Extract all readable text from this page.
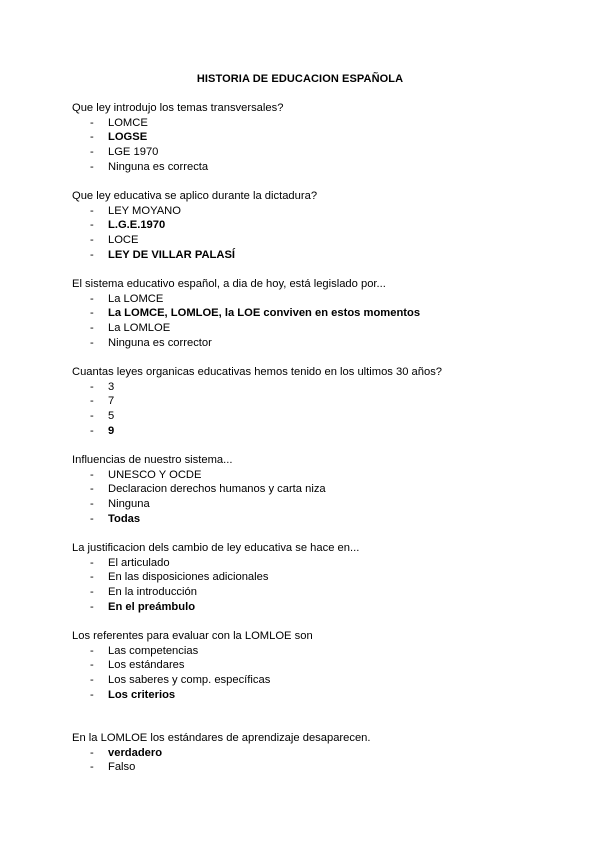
HISTORIA DE EDUCACION ESPAÑOLA

Que ley introdujo los temas transversales?

- LOMCE
- LOGSE
- LGE 1970
- Ninguna es correcta

Que ley educativa se aplico durante la dictadura?

- LEY MOYANO
- L.G.E.1970
- LOCE
- LEY DE VILLAR PALASÍ

El sistema educativo español, a dia de hoy, está legislado por...

- La LOMCE
- La LOMCE, LOMLOE, la LOE conviven en estos momentos
- La LOMLOE
- Ninguna es corrector

Cuantas leyes organicas educativas hemos tenido en los ultimos 30 años?

- 3
- 7
- 5
- 9

Influencias de nuestro sistema...

- UNESCO Y OCDE
- Declaracion derechos humanos y carta niza
- Ninguna
- Todas

La justificacion dels cambio de ley educativa se hace en...

- El articulado
- En las disposiciones adicionales
- En la introducción
- En el preámbulo

Los referentes para evaluar con la LOMLOE son

- Las competencias
- Los estándares
- Los saberes y comp. específicas
- Los criterios

En la LOMLOE los estándares de aprendizaje desaparecen.

- verdadero
- Falso
